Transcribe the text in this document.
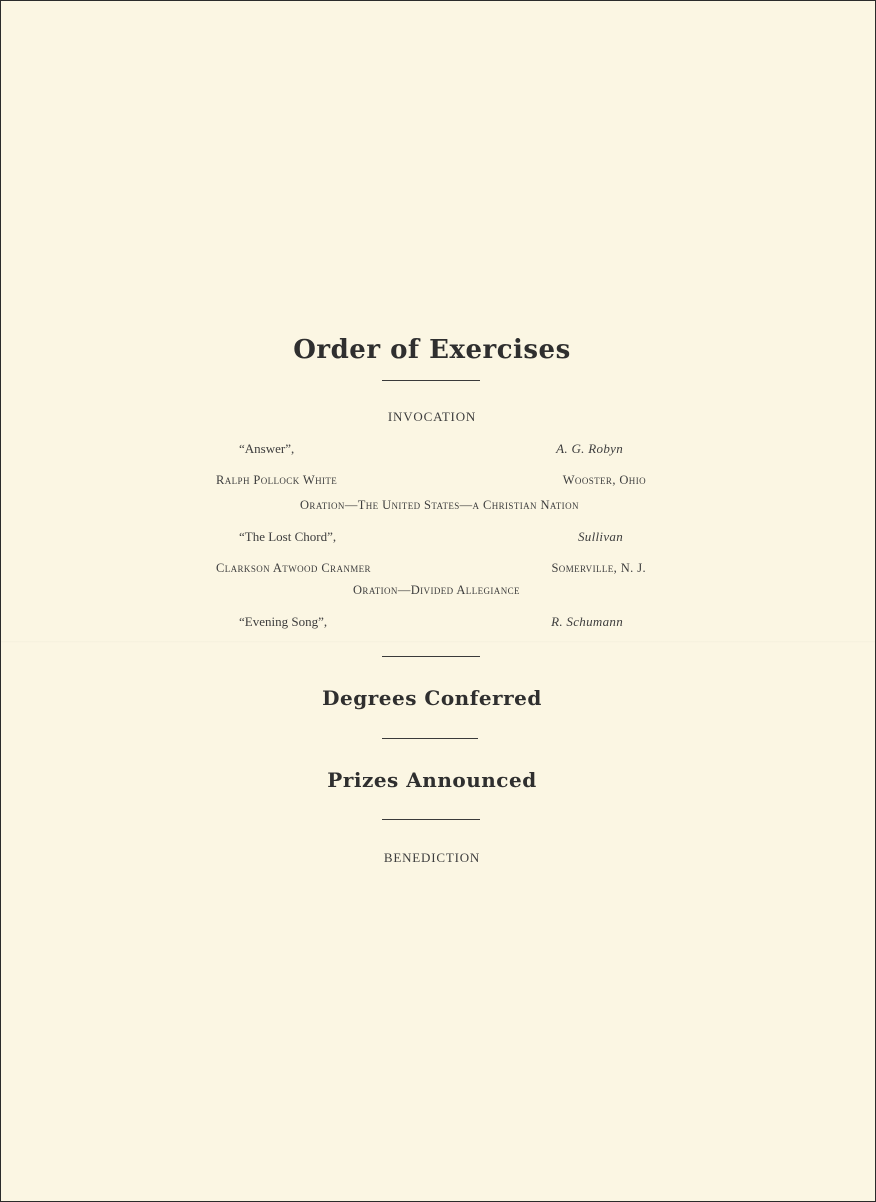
Order of Exercises
INVOCATION
“Answer”,	A. G. Robyn
Ralph Pollock White	Wooster, Ohio
Oration—The United States—a Christian Nation
“The Lost Chord”,	Sullivan
Clarkson Atwood Cranmer	Somerville, N. J.
Oration—Divided Allegiance
“Evening Song”,	R. Schumann
Degrees Conferred
Prizes Announced
BENEDICTION
